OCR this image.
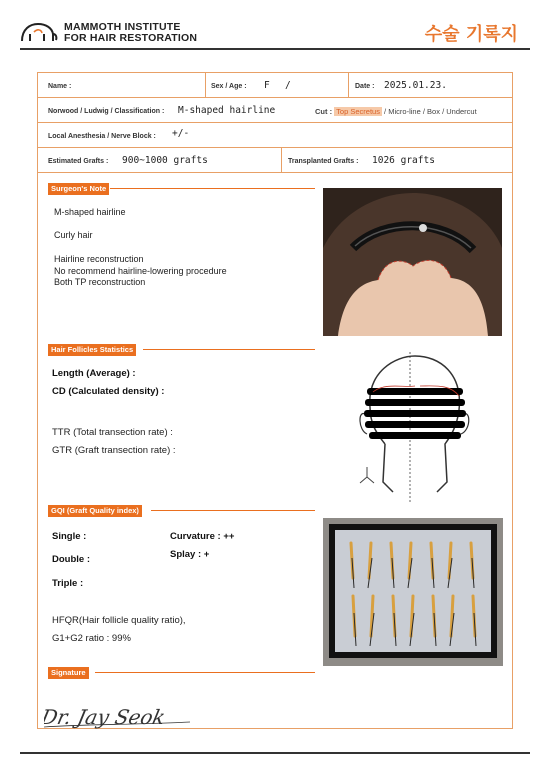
MAMMOTH INSTITUTE
FOR HAIR RESTORATION	수술 기록지
Name :	Sex / Age : F /	Date : 2025.01.23.
Norwood / Ludwig / Classification : M-shaped hairline	Cut : Top Secretus / Micro-line / Box / Undercut
Local Anesthesia / Nerve Block : +/-
Estimated Grafts : 900~1000 grafts	Transplanted Grafts : 1026 grafts
Surgeon's Note
M-shaped hairline
Curly hair
Hairline reconstruction
No recommend hairline-lowering procedure
Both TP reconstruction
Hair Follicles Statistics
Length (Average) :
CD (Calculated density) :
TTR (Total transection rate) :
GTR (Graft transection rate) :
GQI (Graft Quality index)
Single :
Double :
Triple :
Curvature : ++
Splay : +
HFQR(Hair follicle quality ratio),
G1+G2 ratio : 99%
Signature
Dr. Jay Seok
